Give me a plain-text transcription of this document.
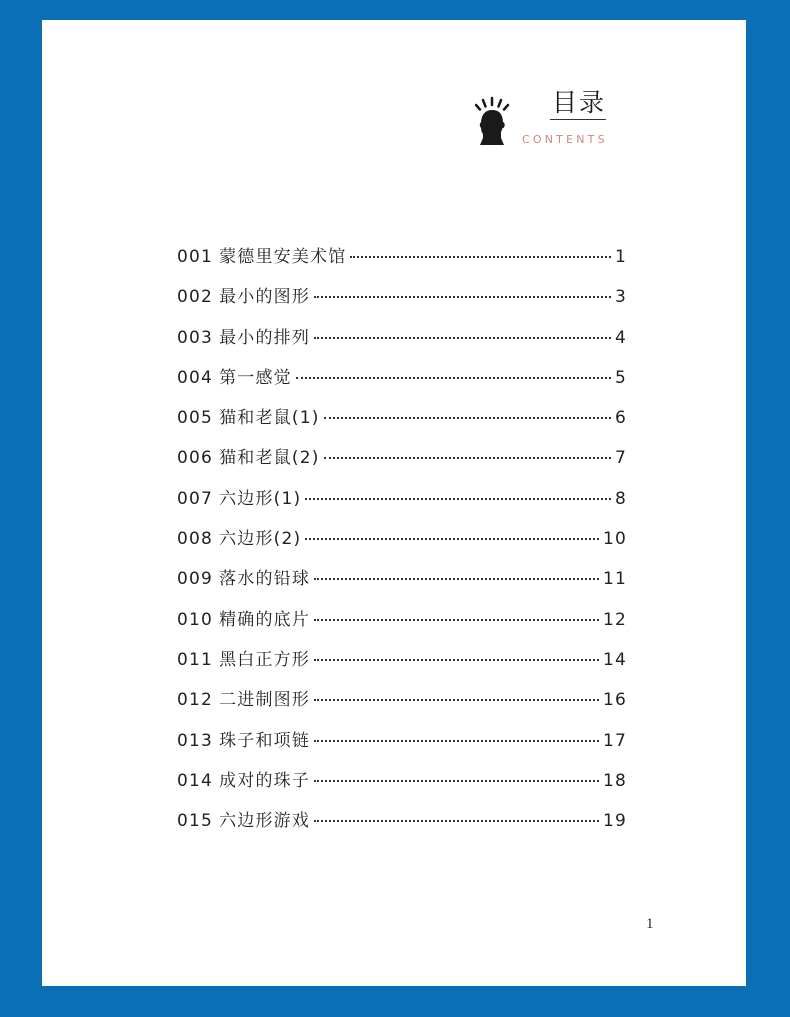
目录
CONTENTS
001 蒙德里安美术馆	1
002 最小的图形	3
003 最小的排列	4
004 第一感觉	5
005 猫和老鼠(1)	6
006 猫和老鼠(2)	7
007 六边形(1)	8
008 六边形(2)	10
009 落水的铅球	11
010 精确的底片	12
011 黑白正方形	14
012 二进制图形	16
013 珠子和项链	17
014 成对的珠子	18
015 六边形游戏	19
1
